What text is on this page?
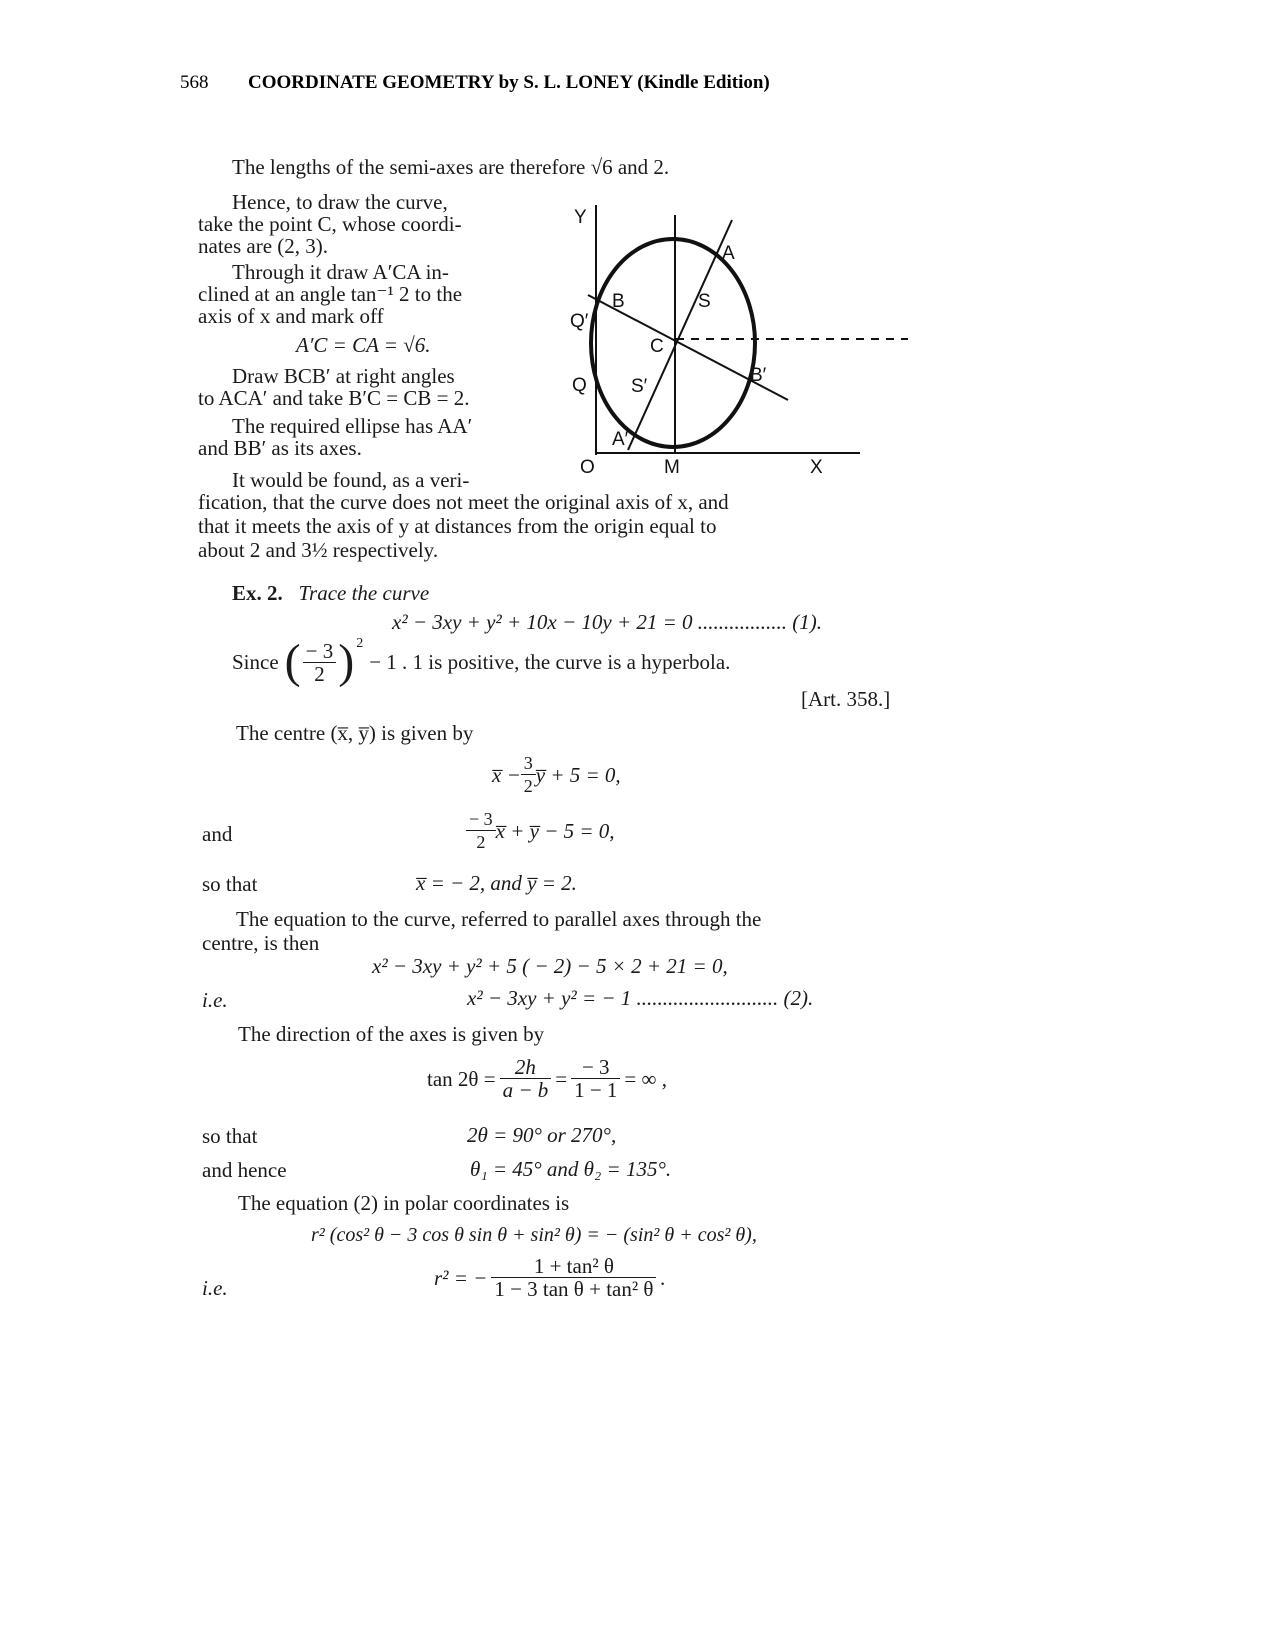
568 COORDINATE GEOMETRY by S. L. LONEY (Kindle Edition)
The lengths of the semi-axes are therefore √6 and 2.
Hence, to draw the curve,
take the point C, whose coordi-
nates are (2, 3).
Through it draw A′CA in-
clined at an angle tan⁻¹ 2 to the
axis of x and mark off
A′C = CA = √6.
Draw BCB′ at right angles
to ACA′ and take B′C = CB = 2.
The required ellipse has AA′
and BB′ as its axes.
It would be found, as a veri-
fication, that the curve does not meet the original axis of x, and
that it meets the axis of y at distances from the origin equal to
about 2 and 3½ respectively.
Y
A
B	S
Q′
C
B′
Q S′
A′
O	M	X
Ex. 2. Trace the curve
x² − 3xy + y² + 10x − 10y + 21 = 0 ................. (1).
Since ( $\frac{- 3}{2}$ ) 2
− 1 . 1 is positive, the curve is a hyperbola.
[Art. 358.]
The centre (x̅, y̅) is given by
x̅ − $\frac{3}{2}$ y̅ + 5 = 0,
and	$\frac{- 3}{2}$ x̅ + y̅ − 5 = 0,
so that	x̅ = − 2, and y̅ = 2.
The equation to the curve, referred to parallel axes through the
centre, is then
x² − 3xy + y² + 5 ( − 2) − 5 × 2 + 21 = 0,
i.e.	x² − 3xy + y² = − 1 ........................... (2).
The direction of the axes is given by
$\tan 2\theta = \frac{2h}{a - b} = \frac{- 3}{1 - 1}$ = ∞ ,
so that	2θ = 90° or 270°,
and hence	θ₁ = 45° and θ₂ = 135°.
The equation (2) in polar coordinates is
r² (cos² θ − 3 cos θ sin θ + sin² θ) = − (sin² θ + cos² θ),
i.e.	r² = − $\frac{\text{1 + tan² θ}}{\text{1 − 3 tan θ + tan² θ}}$ .
